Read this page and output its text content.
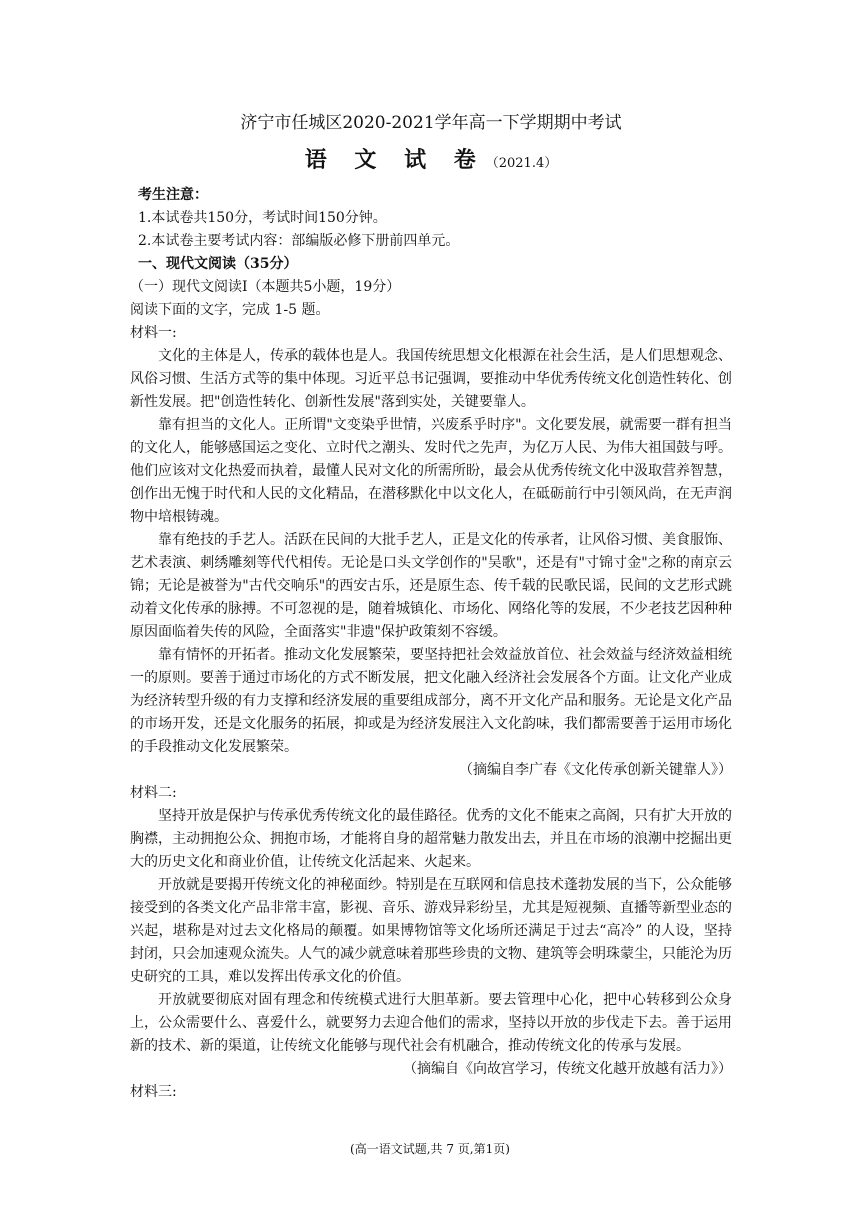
济宁市任城区2020-2021学年高一下学期期中考试
语 文 试 卷（2021.4）
考生注意：
1.本试卷共150分，考试时间150分钟。
2.本试卷主要考试内容：部编版必修下册前四单元。
一、现代文阅读（35分）
（一）现代文阅读Ⅰ（本题共5小题，19分）
阅读下面的文字，完成 1-5 题。
材料一:

文化的主体是人，传承的载体也是人。我国传统思想文化根源在社会生活，是人们思想观念、风俗习惯、生活方式等的集中体现。习近平总书记强调，要推动中华优秀传统文化创造性转化、创新性发展。把"创造性转化、创新性发展"落到实处，关键要靠人。

靠有担当的文化人。正所谓"文变染乎世情，兴废系乎时序"。文化要发展，就需要一群有担当的文化人，能够感国运之变化、立时代之潮头、发时代之先声，为亿万人民、为伟大祖国鼓与呼。他们应该对文化热爱而执着，最懂人民对文化的所需所盼，最会从优秀传统文化中汲取营养智慧，创作出无愧于时代和人民的文化精品，在潜移默化中以文化人，在砥砺前行中引领风尚，在无声润物中培根铸魂。

靠有绝技的手艺人。活跃在民间的大批手艺人，正是文化的传承者，让风俗习惯、美食服饰、艺术表演、刺绣雕刻等代代相传。无论是口头文学创作的"吴歌"，还是有"寸锦寸金"之称的南京云锦；无论是被誉为"古代交响乐"的西安古乐，还是原生态、传千载的民歌民谣，民间的文艺形式跳动着文化传承的脉搏。不可忽视的是，随着城镇化、市场化、网络化等的发展，不少老技艺因种种原因面临着失传的风险，全面落实"非遗"保护政策刻不容缓。

靠有情怀的开拓者。推动文化发展繁荣，要坚持把社会效益放首位、社会效益与经济效益相统一的原则。要善于通过市场化的方式不断发展，把文化融入经济社会发展各个方面。让文化产业成为经济转型升级的有力支撑和经济发展的重要组成部分，离不开文化产品和服务。无论是文化产品的市场开发，还是文化服务的拓展，抑或是为经济发展注入文化韵味，我们都需要善于运用市场化的手段推动文化发展繁荣。

（摘编自李广春《文化传承创新关键靠人》）
材料二:

坚持开放是保护与传承优秀传统文化的最佳路径。优秀的文化不能束之高阁，只有扩大开放的胸襟，主动拥抱公众、拥抱市场，才能将自身的超常魅力散发出去，并且在市场的浪潮中挖掘出更大的历史文化和商业价值，让传统文化活起来、火起来。

开放就是要揭开传统文化的神秘面纱。特别是在互联网和信息技术蓬勃发展的当下，公众能够接受到的各类文化产品非常丰富，影视、音乐、游戏异彩纷呈，尤其是短视频、直播等新型业态的兴起，堪称是对过去文化格局的颠覆。如果博物馆等文化场所还满足于过去“高冷” 的人设，坚持封闭，只会加速观众流失。人气的减少就意味着那些珍贵的文物、建筑等会明珠蒙尘，只能沦为历史研究的工具，难以发挥出传承文化的价值。

开放就要彻底对固有理念和传统模式进行大胆革新。要去管理中心化，把中心转移到公众身上，公众需要什么、喜爱什么，就要努力去迎合他们的需求，坚持以开放的步伐走下去。善于运用新的技术、新的渠道，让传统文化能够与现代社会有机融合，推动传统文化的传承与发展。

（摘编自《向故宫学习，传统文化越开放越有活力》）
材料三:
(高一语文试题,共 7 页,第1页)
